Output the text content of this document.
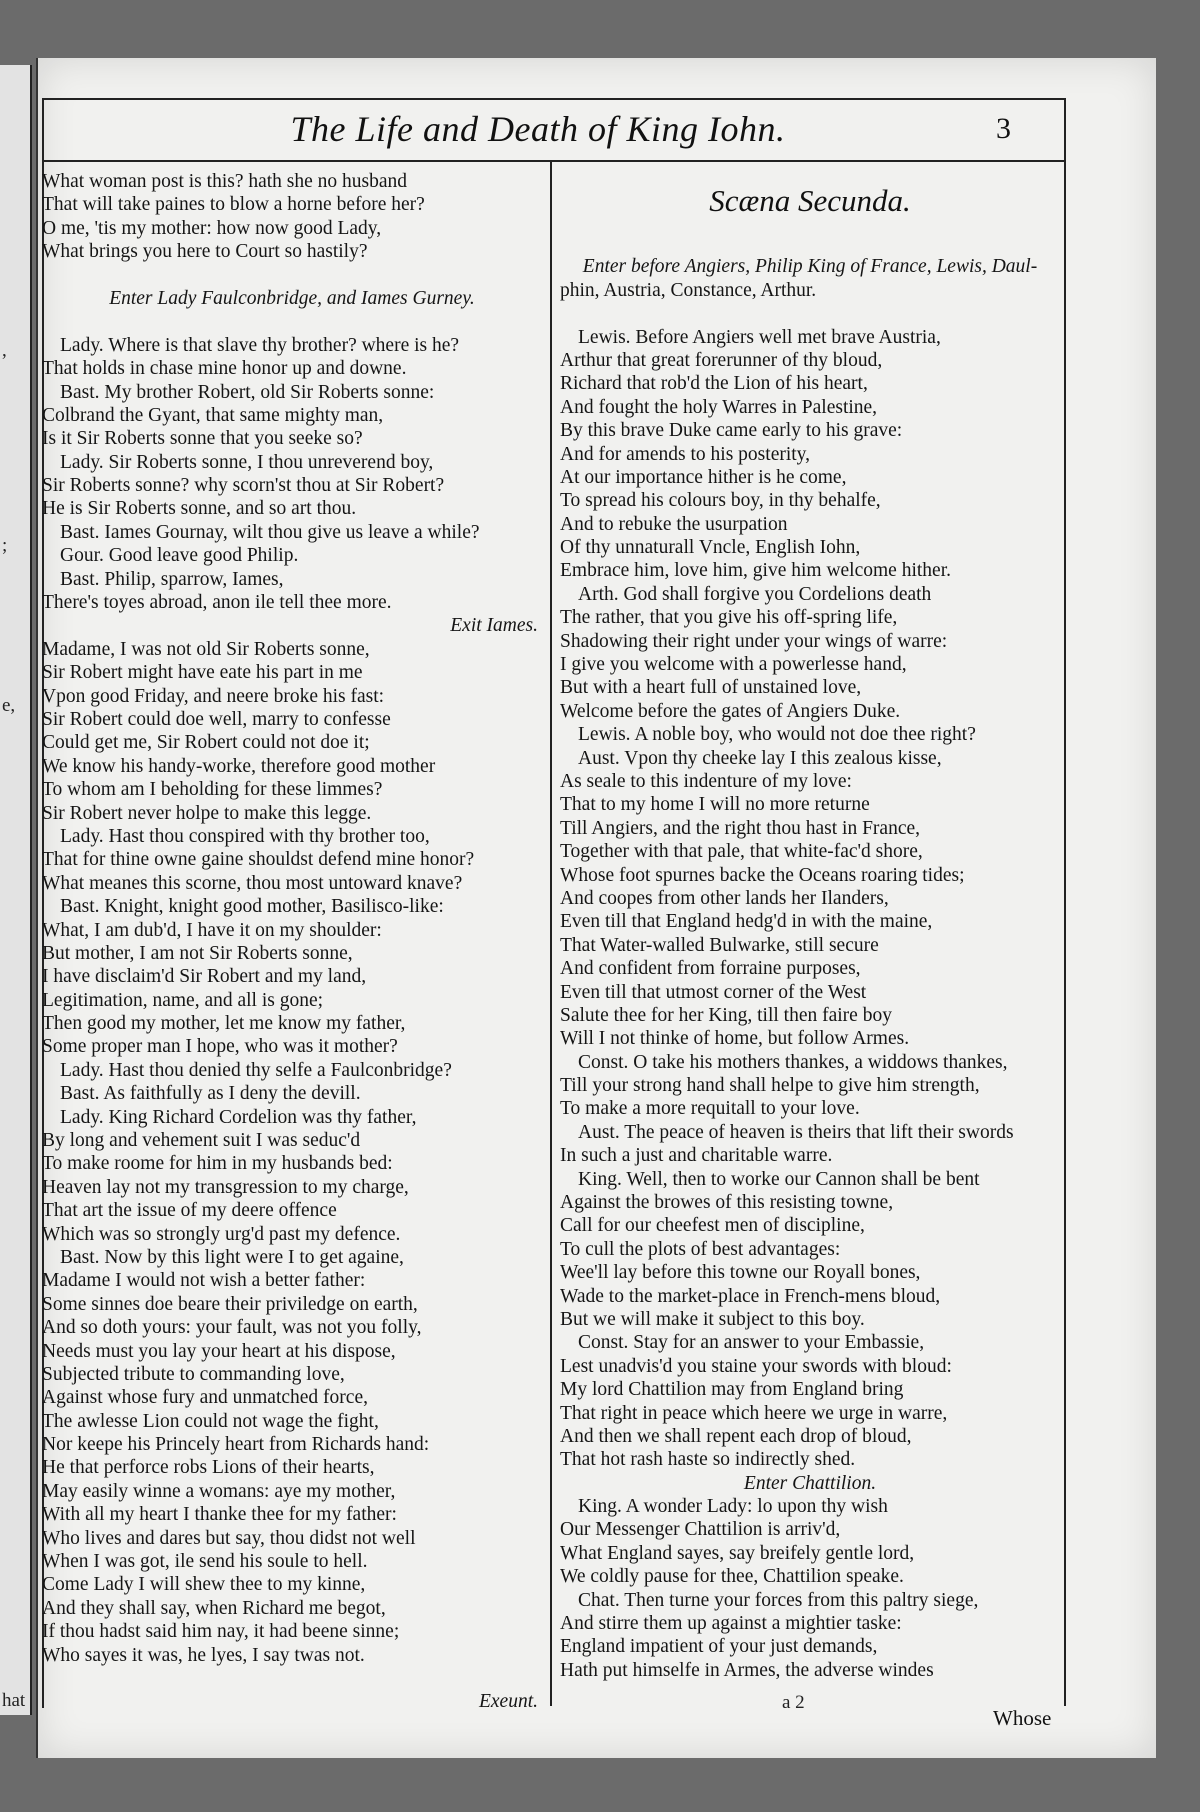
,
;
e,
hat
The Life and Death of King Iohn.	3
What woman post is this? hath she no husband
That will take paines to blow a horne before her?
O me, 'tis my mother: how now good Lady,
What brings you here to Court so hastily?
Enter Lady Faulconbridge, and Iames Gurney.
Lady. Where is that slave thy brother? where is he?
That holds in chase mine honor up and downe.
Bast. My brother Robert, old Sir Roberts sonne:
Colbrand the Gyant, that same mighty man,
Is it Sir Roberts sonne that you seeke so?
Lady. Sir Roberts sonne, I thou unreverend boy,
Sir Roberts sonne? why scorn'st thou at Sir Robert?
He is Sir Roberts sonne, and so art thou.
Bast. Iames Gournay, wilt thou give us leave a while?
Gour. Good leave good Philip.
Bast. Philip, sparrow, Iames,
There's toyes abroad, anon ile tell thee more.
Exit Iames.
Madame, I was not old Sir Roberts sonne,
Sir Robert might have eate his part in me
Vpon good Friday, and neere broke his fast:
Sir Robert could doe well, marry to confesse
Could get me, Sir Robert could not doe it;
We know his handy-worke, therefore good mother
To whom am I beholding for these limmes?
Sir Robert never holpe to make this legge.
Lady. Hast thou conspired with thy brother too,
That for thine owne gaine shouldst defend mine honor?
What meanes this scorne, thou most untoward knave?
Bast. Knight, knight good mother, Basilisco-like:
What, I am dub'd, I have it on my shoulder:
But mother, I am not Sir Roberts sonne,
I have disclaim'd Sir Robert and my land,
Legitimation, name, and all is gone;
Then good my mother, let me know my father,
Some proper man I hope, who was it mother?
Lady. Hast thou denied thy selfe a Faulconbridge?
Bast. As faithfully as I deny the devill.
Lady. King Richard Cordelion was thy father,
By long and vehement suit I was seduc'd
To make roome for him in my husbands bed:
Heaven lay not my transgression to my charge,
That art the issue of my deere offence
Which was so strongly urg'd past my defence.
Bast. Now by this light were I to get againe,
Madame I would not wish a better father:
Some sinnes doe beare their priviledge on earth,
And so doth yours: your fault, was not you folly,
Needs must you lay your heart at his dispose,
Subjected tribute to commanding love,
Against whose fury and unmatched force,
The awlesse Lion could not wage the fight,
Nor keepe his Princely heart from Richards hand:
He that perforce robs Lions of their hearts,
May easily winne a womans: aye my mother,
With all my heart I thanke thee for my father:
Who lives and dares but say, thou didst not well
When I was got, ile send his soule to hell.
Come Lady I will shew thee to my kinne,
And they shall say, when Richard me begot,
If thou hadst said him nay, it had beene sinne;
Who sayes it was, he lyes, I say twas not.
Exeunt.
Scæna Secunda.
Enter before Angiers, Philip King of France, Lewis, Daul-
phin, Austria, Constance, Arthur.
Lewis. Before Angiers well met brave Austria,
Arthur that great forerunner of thy bloud,
Richard that rob'd the Lion of his heart,
And fought the holy Warres in Palestine,
By this brave Duke came early to his grave:
And for amends to his posterity,
At our importance hither is he come,
To spread his colours boy, in thy behalfe,
And to rebuke the usurpation
Of thy unnaturall Vncle, English Iohn,
Embrace him, love him, give him welcome hither.
Arth. God shall forgive you Cordelions death
The rather, that you give his off-spring life,
Shadowing their right under your wings of warre:
I give you welcome with a powerlesse hand,
But with a heart full of unstained love,
Welcome before the gates of Angiers Duke.
Lewis. A noble boy, who would not doe thee right?
Aust. Vpon thy cheeke lay I this zealous kisse,
As seale to this indenture of my love:
That to my home I will no more returne
Till Angiers, and the right thou hast in France,
Together with that pale, that white-fac'd shore,
Whose foot spurnes backe the Oceans roaring tides;
And coopes from other lands her Ilanders,
Even till that England hedg'd in with the maine,
That Water-walled Bulwarke, still secure
And confident from forraine purposes,
Even till that utmost corner of the West
Salute thee for her King, till then faire boy
Will I not thinke of home, but follow Armes.
Const. O take his mothers thankes, a widdows thankes,
Till your strong hand shall helpe to give him strength,
To make a more requitall to your love.
Aust. The peace of heaven is theirs that lift their swords
In such a just and charitable warre.
King. Well, then to worke our Cannon shall be bent
Against the browes of this resisting towne,
Call for our cheefest men of discipline,
To cull the plots of best advantages:
Wee'll lay before this towne our Royall bones,
Wade to the market-place in French-mens bloud,
But we will make it subject to this boy.
Const. Stay for an answer to your Embassie,
Lest unadvis'd you staine your swords with bloud:
My lord Chattilion may from England bring
That right in peace which heere we urge in warre,
And then we shall repent each drop of bloud,
That hot rash haste so indirectly shed.
Enter Chattilion.
King. A wonder Lady: lo upon thy wish
Our Messenger Chattilion is arriv'd,
What England sayes, say breifely gentle lord,
We coldly pause for thee, Chattilion speake.
Chat. Then turne your forces from this paltry siege,
And stirre them up against a mightier taske:
England impatient of your just demands,
Hath put himselfe in Armes, the adverse windes
a 2
Whose
